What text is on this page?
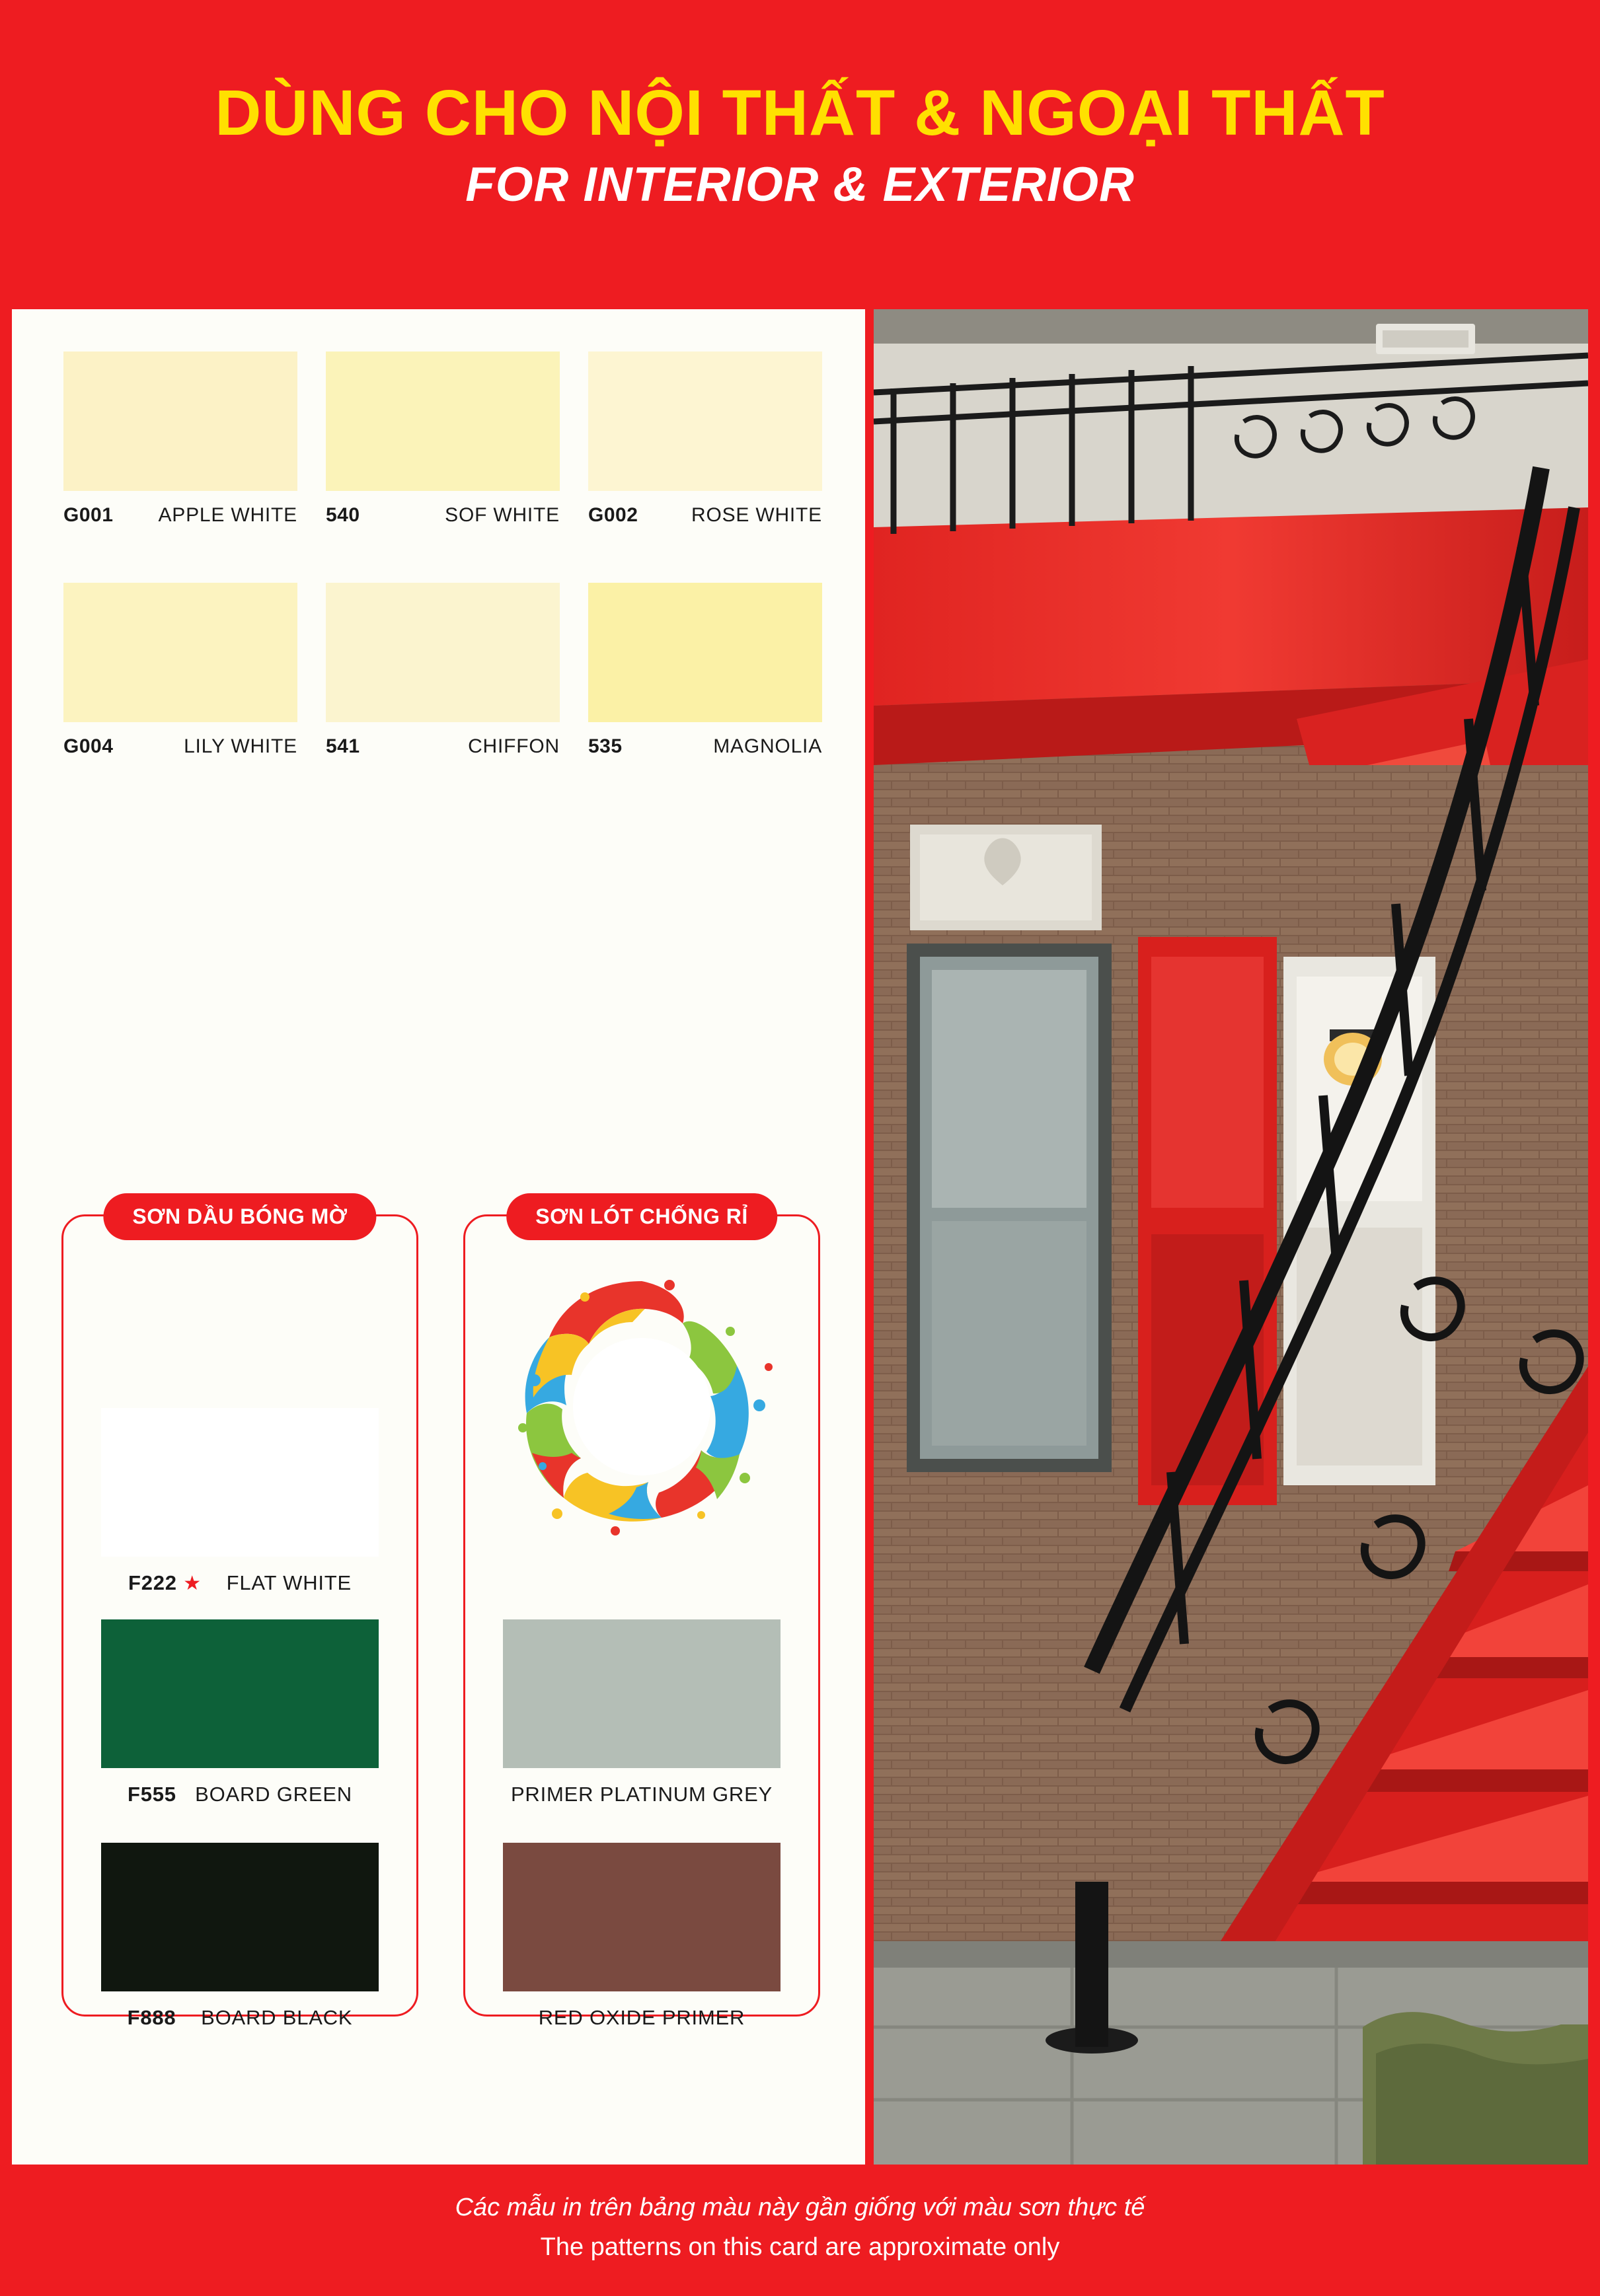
DÙNG CHO NỘI THẤT & NGOẠI THẤT
FOR INTERIOR & EXTERIOR
G001 APPLE WHITE 540	SOF WHITE G002	ROSE WHITE
G004	LILY WHITE 541	CHIFFON 535	MAGNOLIA
SƠN DẦU BÓNG MỜ
F222 ★ FLAT WHITE
F555 BOARD GREEN
F888 BOARD BLACK
SƠN LÓT CHỐNG RỈ
PRIMER PLATINUM GREY
RED OXIDE PRIMER
Các mẫu in trên bảng màu này gần giống với màu sơn thực tế
The patterns on this card are approximate only
